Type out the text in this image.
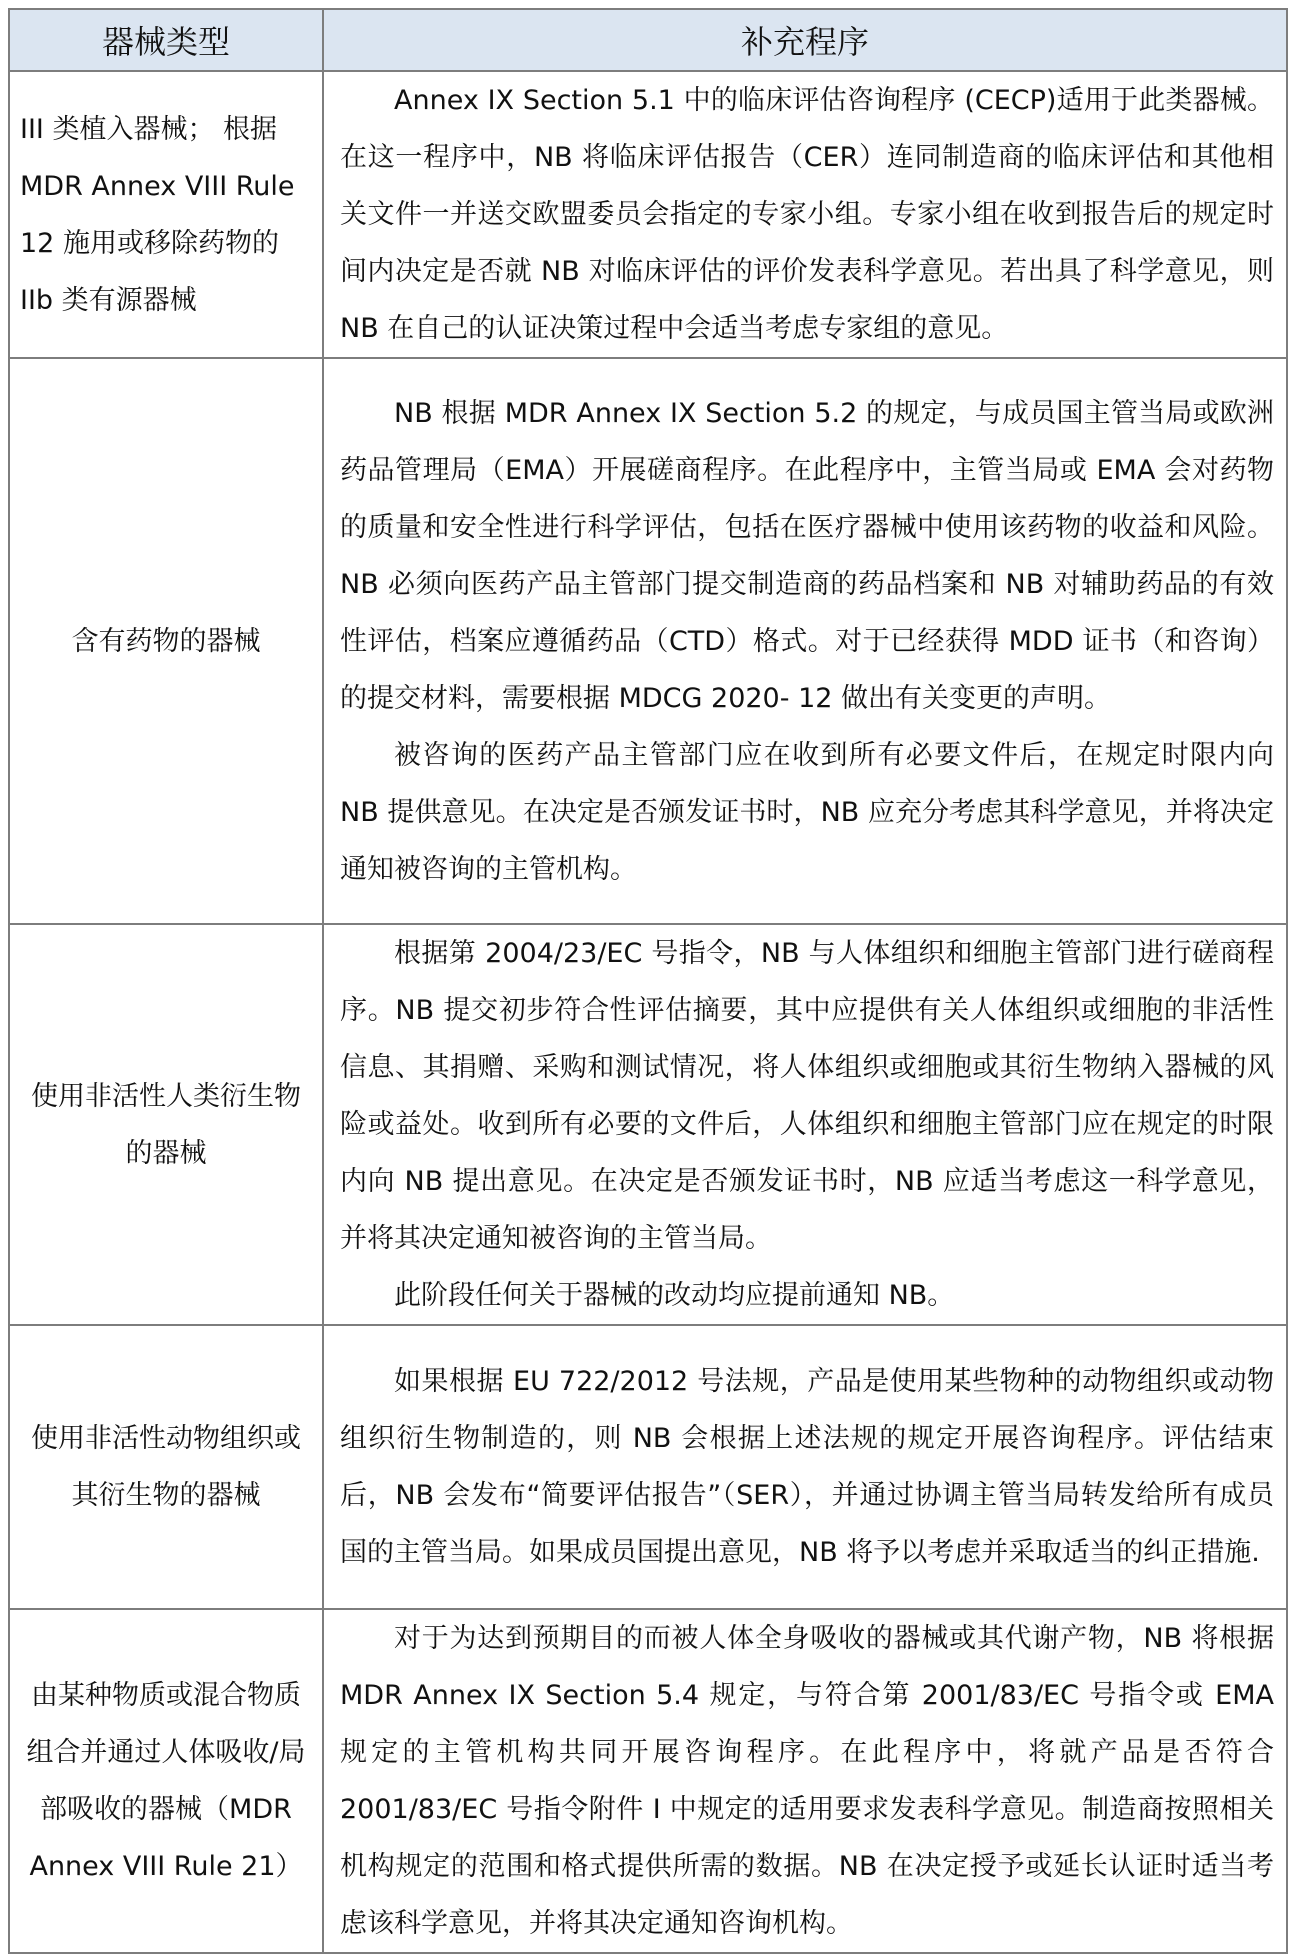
器械类型	补充程序
III 类植入器械； 根据 MDR Annex VIII Rule 12 施用或移除药物的 IIb 类有源器械	Annex IX Section 5.1 中的临床评估咨询程序 (CECP)适用于此类器械。在这一程序中，NB 将临床评估报告（CER）连同制造商的临床评估和其他相关文件一并送交欧盟委员会指定的专家小组。专家小组在收到报告后的规定时间内决定是否就 NB 对临床评估的评价发表科学意见。若出具了科学意见，则 NB 在自己的认证决策过程中会适当考虑专家组的意见。

含有药物的器械	NB 根据 MDR Annex IX Section 5.2 的规定，与成员国主管当局或欧洲药品管理局（EMA）开展磋商程序。在此程序中，主管当局或 EMA 会对药物的质量和安全性进行科学评估，包括在医疗器械中使用该药物的收益和风险。NB 必须向医药产品主管部门提交制造商的药品档案和 NB 对辅助药品的有效性评估，档案应遵循药品（CTD）格式。对于已经获得 MDD 证书（和咨询）的提交材料，需要根据 MDCG 2020- 12 做出有关变更的声明。

被咨询的医药产品主管部门应在收到所有必要文件后，在规定时限内向 NB 提供意见。在决定是否颁发证书时，NB 应充分考虑其科学意见，并将决定通知被咨询的主管机构。

使用非活性人类衍生物的器械	根据第 2004/23/EC 号指令，NB 与人体组织和细胞主管部门进行磋商程序。NB 提交初步符合性评估摘要，其中应提供有关人体组织或细胞的非活性信息、其捐赠、采购和测试情况，将人体组织或细胞或其衍生物纳入器械的风险或益处。收到所有必要的文件后，人体组织和细胞主管部门应在规定的时限内向 NB 提出意见。在决定是否颁发证书时，NB 应适当考虑这一科学意见，并将其决定通知被咨询的主管当局。

此阶段任何关于器械的改动均应提前通知 NB。

使用非活性动物组织或其衍生物的器械	如果根据 EU 722/2012 号法规，产品是使用某些物种的动物组织或动物组织衍生物制造的，则 NB 会根据上述法规的规定开展咨询程序。评估结束后，NB 会发布“简要评估报告”（SER），并通过协调主管当局转发给所有成员国的主管当局。如果成员国提出意见，NB 将予以考虑并采取适当的纠正措施.

由某种物质或混合物质组合并通过人体吸收/局部吸收的器械（MDR Annex VIII Rule 21）	对于为达到预期目的而被人体全身吸收的器械或其代谢产物，NB 将根据 MDR Annex IX Section 5.4 规定，与符合第 2001/83/EC 号指令或 EMA 规定的主管机构共同开展咨询程序。在此程序中，将就产品是否符合 2001/83/EC 号指令附件 I 中规定的适用要求发表科学意见。制造商按照相关机构规定的范围和格式提供所需的数据。NB 在决定授予或延长认证时适当考虑该科学意见，并将其决定通知咨询机构。
